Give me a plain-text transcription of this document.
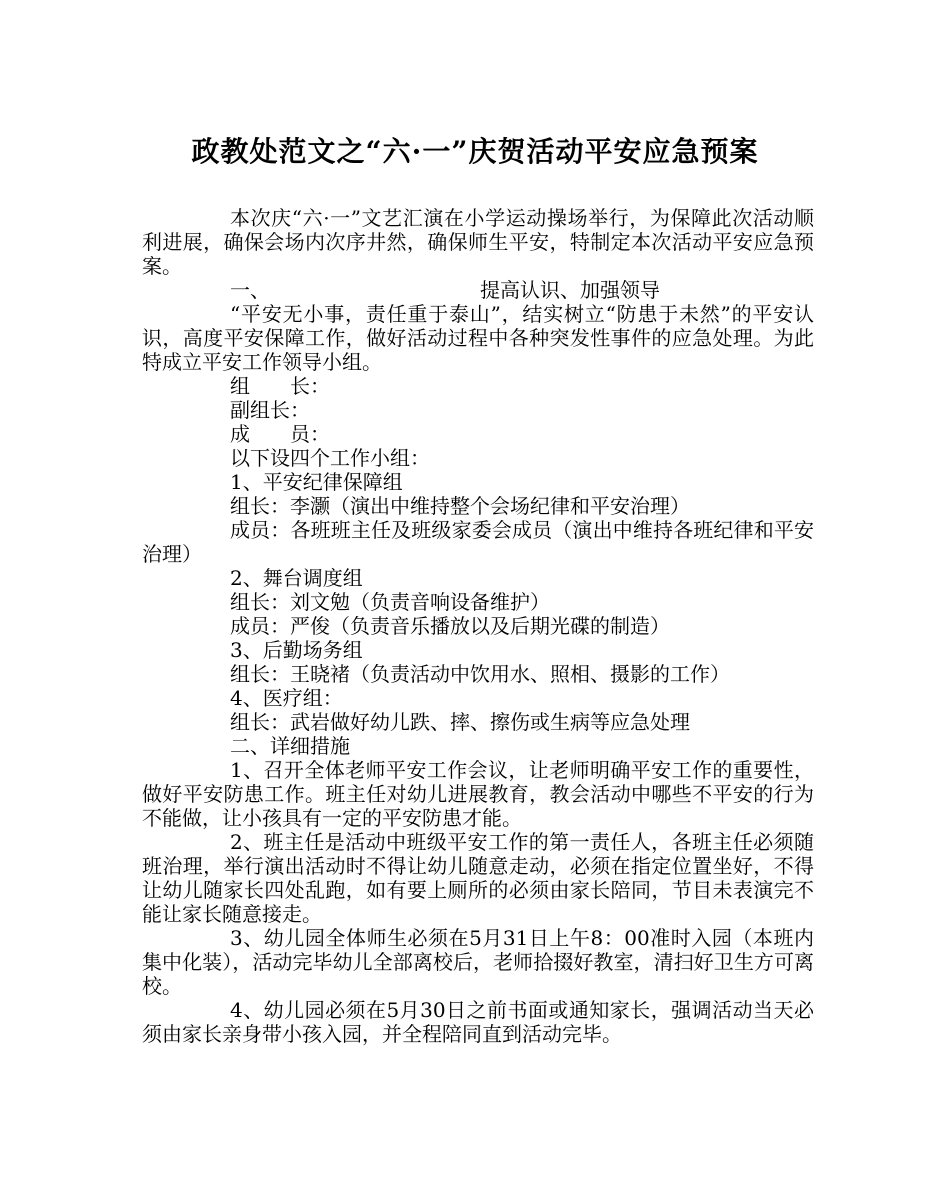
政教处范文之“六·一”庆贺活动平安应急预案

本次庆“六·一”文艺汇演在小学运动操场举行，为保障此次活动顺利进展，确保会场内次序井然，确保师生平安，特制定本次活动平安应急预案。

一、	提高认识、加强领导

“平安无小事，责任重于泰山”，结实树立“防患于未然”的平安认识，高度平安保障工作，做好活动过程中各种突发性事件的应急处理。为此特成立平安工作领导小组。

组　　长：

副组长：

成　　员：

以下设四个工作小组：

1、平安纪律保障组

组长：李灏（演出中维持整个会场纪律和平安治理）

成员：各班班主任及班级家委会成员（演出中维持各班纪律和平安治理）

2、舞台调度组

组长：刘文勉（负责音响设备维护）

成员：严俊（负责音乐播放以及后期光碟的制造）

3、后勤场务组

组长：王晓褚（负责活动中饮用水、照相、摄影的工作）

4、医疗组：

组长：武岩做好幼儿跌、摔、擦伤或生病等应急处理

二、详细措施

1、召开全体老师平安工作会议，让老师明确平安工作的重要性，做好平安防患工作。班主任对幼儿进展教育，教会活动中哪些不平安的行为不能做，让小孩具有一定的平安防患才能。

2、班主任是活动中班级平安工作的第一责任人，各班主任必须随班治理，举行演出活动时不得让幼儿随意走动，必须在指定位置坐好，不得让幼儿随家长四处乱跑，如有要上厕所的必须由家长陪同，节目未表演完不能让家长随意接走。

3、幼儿园全体师生必须在5月31日上午8：00准时入园（本班内集中化装），活动完毕幼儿全部离校后，老师拾掇好教室，清扫好卫生方可离校。

4、幼儿园必须在5月30日之前书面或通知家长，强调活动当天必须由家长亲身带小孩入园，并全程陪同直到活动完毕。
